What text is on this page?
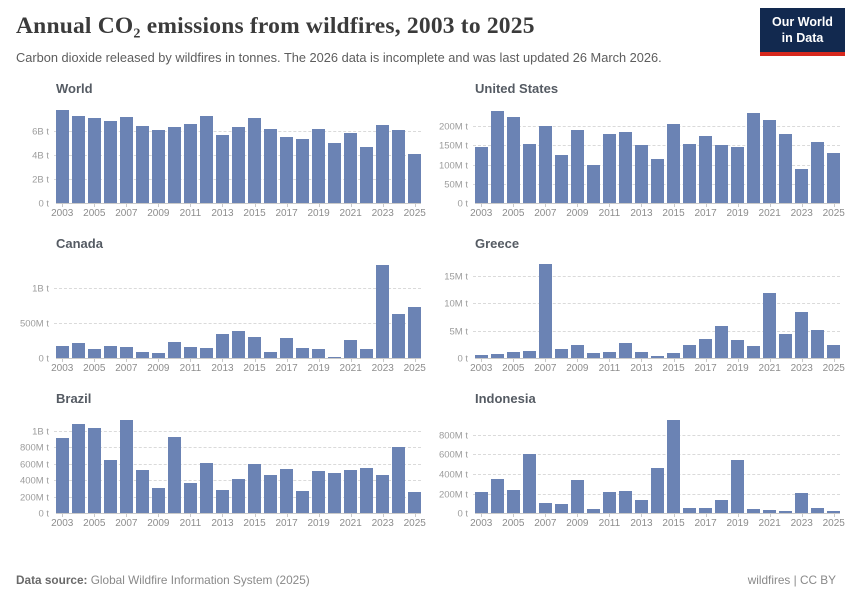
Annual CO₂ emissions from wildfires, 2003 to 2025
Carbon dioxide released by wildfires in tonnes. The 2026 data is incomplete and was last updated 26 March 2026.
Our World
in Data
World
0 t
2B t
4B t
6B t
2003 2005 2007 2009 2011 2013 2015 2017 2019 2021 2023 2025
United States
0 t
50M t
100M t
150M t
200M t
2003 2005 2007 2009 2011 2013 2015 2017 2019 2021 2023 2025
Canada
0 t
500M t
1B t
2003 2005 2007 2009 2011 2013 2015 2017 2019 2021 2023 2025
Greece
0 t
5M t
10M t
15M t
2003 2005 2007 2009 2011 2013 2015 2017 2019 2021 2023 2025
Brazil
0 t
200M t
400M t
600M t
800M t
1B t
2003 2005 2007 2009 2011 2013 2015 2017 2019 2021 2023 2025
Indonesia
0 t
200M t
400M t
600M t
800M t
2003 2005 2007 2009 2011 2013 2015 2017 2019 2021 2023 2025
Data source: Global Wildfire Information System (2025)	wildfires | CC BY
